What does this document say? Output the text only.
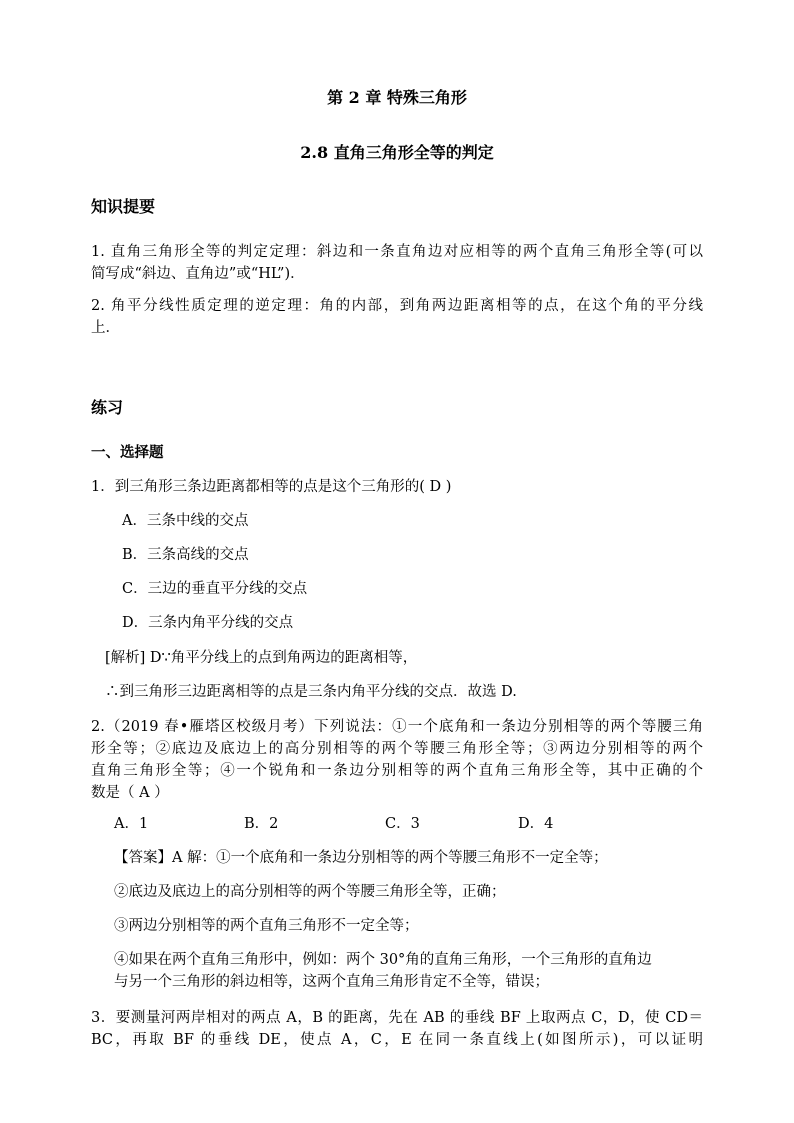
第 2 章 特殊三角形
2.8 直角三角形全等的判定
知识提要
1. 直角三角形全等的判定定理：斜边和一条直角边对应相等的两个直角三角形全等(可以
简写成“斜边、直角边”或“HL”)．
2. 角平分线性质定理的逆定理：角的内部，到角两边距离相等的点，在这个角的平分线
上．
练习
一、选择题
1．到三角形三条边距离都相等的点是这个三角形的( D )
A．三条中线的交点
B．三条高线的交点
C．三边的垂直平分线的交点
D．三条内角平分线的交点
[解析] D∵角平分线上的点到角两边的距离相等，
∴到三角形三边距离相等的点是三条内角平分线的交点．故选 D.
2.（2019 春•雁塔区校级月考）下列说法：①一个底角和一条边分别相等的两个等腰三角
形全等；②底边及底边上的高分别相等的两个等腰三角形全等；③两边分别相等的两个
直角三角形全等；④一个锐角和一条边分别相等的两个直角三角形全等，其中正确的个
数是（ A ）
A．1	B．2	C．3	D．4
【答案】A 解：①一个底角和一条边分别相等的两个等腰三角形不一定全等；
②底边及底边上的高分别相等的两个等腰三角形全等，正确；
③两边分别相等的两个直角三角形不一定全等；
④如果在两个直角三角形中，例如：两个 30°角的直角三角形，一个三角形的直角边
与另一个三角形的斜边相等，这两个直角三角形肯定不全等，错误；
3．要测量河两岸相对的两点 A，B 的距离，先在 AB 的垂线 BF 上取两点 C，D，使 CD＝
BC，再取 BF 的垂线 DE，使点 A，C，E 在同一条直线上(如图所示)，可以证明
